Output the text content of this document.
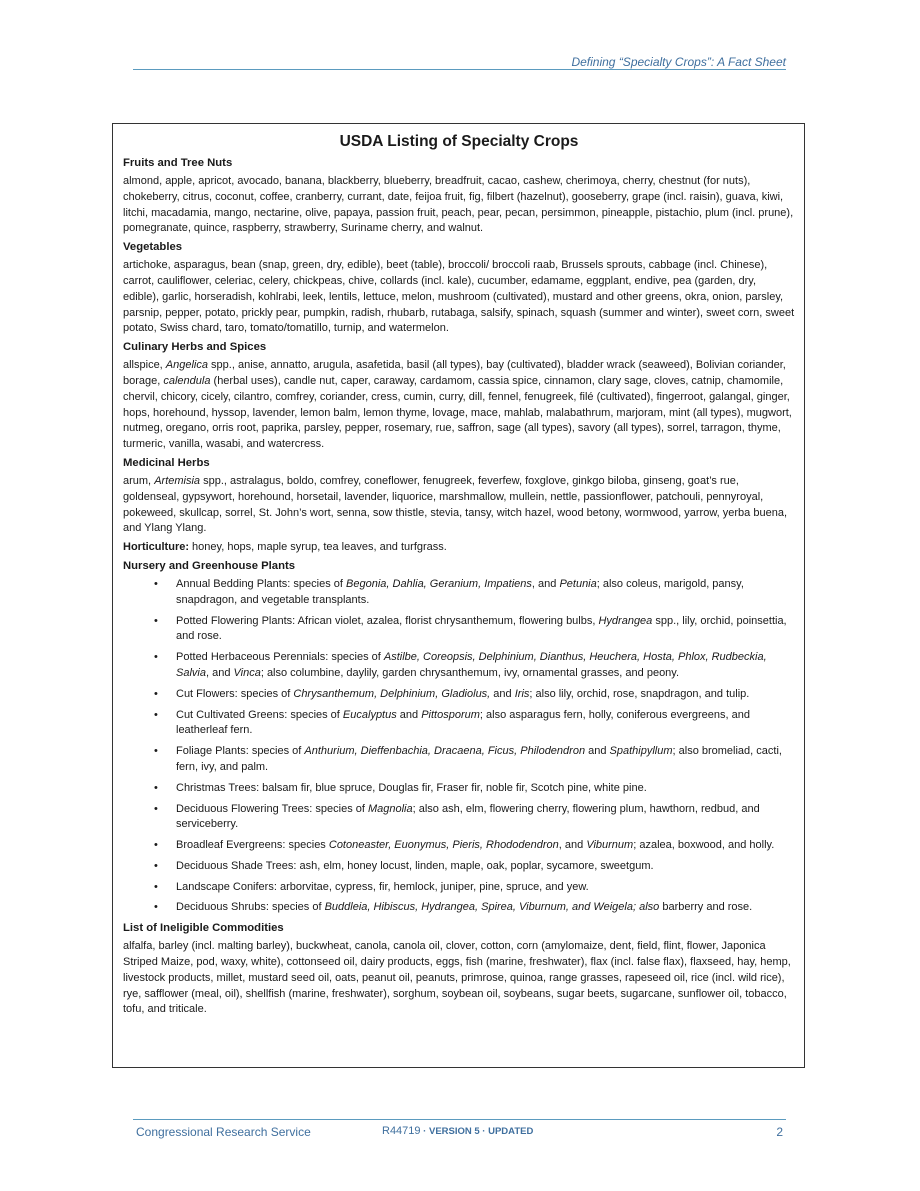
Defining “Specialty Crops”: A Fact Sheet
USDA Listing of Specialty Crops
Fruits and Tree Nuts
almond, apple, apricot, avocado, banana, blackberry, blueberry, breadfruit, cacao, cashew, cherimoya, cherry, chestnut (for nuts), chokeberry, citrus, coconut, coffee, cranberry, currant, date, feijoa fruit, fig, filbert (hazelnut), gooseberry, grape (incl. raisin), guava, kiwi, litchi, macadamia, mango, nectarine, olive, papaya, passion fruit, peach, pear, pecan, persimmon, pineapple, pistachio, plum (incl. prune), pomegranate, quince, raspberry, strawberry, Suriname cherry, and walnut.
Vegetables
artichoke, asparagus, bean (snap, green, dry, edible), beet (table), broccoli/ broccoli raab, Brussels sprouts, cabbage (incl. Chinese), carrot, cauliflower, celeriac, celery, chickpeas, chive, collards (incl. kale), cucumber, edamame, eggplant, endive, pea (garden, dry, edible), garlic, horseradish, kohlrabi, leek, lentils, lettuce, melon, mushroom (cultivated), mustard and other greens, okra, onion, parsley, parsnip, pepper, potato, prickly pear, pumpkin, radish, rhubarb, rutabaga, salsify, spinach, squash (summer and winter), sweet corn, sweet potato, Swiss chard, taro, tomato/tomatillo, turnip, and watermelon.
Culinary Herbs and Spices
allspice, Angelica spp., anise, annatto, arugula, asafetida, basil (all types), bay (cultivated), bladder wrack (seaweed), Bolivian coriander, borage, calendula (herbal uses), candle nut, caper, caraway, cardamom, cassia spice, cinnamon, clary sage, cloves, catnip, chamomile, chervil, chicory, cicely, cilantro, comfrey, coriander, cress, cumin, curry, dill, fennel, fenugreek, filé (cultivated), fingerroot, galangal, ginger, hops, horehound, hyssop, lavender, lemon balm, lemon thyme, lovage, mace, mahlab, malabathrum, marjoram, mint (all types), mugwort, nutmeg, oregano, orris root, paprika, parsley, pepper, rosemary, rue, saffron, sage (all types), savory (all types), sorrel, tarragon, thyme, turmeric, vanilla, wasabi, and watercress.
Medicinal Herbs
arum, Artemisia spp., astralagus, boldo, comfrey, coneflower, fenugreek, feverfew, foxglove, ginkgo biloba, ginseng, goat’s rue, goldenseal, gypsywort, horehound, horsetail, lavender, liquorice, marshmallow, mullein, nettle, passionflower, patchouli, pennyroyal, pokeweed, skullcap, sorrel, St. John’s wort, senna, sow thistle, stevia, tansy, witch hazel, wood betony, wormwood, yarrow, yerba buena, and Ylang Ylang.
Horticulture: honey, hops, maple syrup, tea leaves, and turfgrass.
Nursery and Greenhouse Plants
• Annual Bedding Plants: species of Begonia, Dahlia, Geranium, Impatiens, and Petunia; also coleus, marigold, pansy, snapdragon, and vegetable transplants.
• Potted Flowering Plants: African violet, azalea, florist chrysanthemum, flowering bulbs, Hydrangea spp., lily, orchid, poinsettia, and rose.
• Potted Herbaceous Perennials: species of Astilbe, Coreopsis, Delphinium, Dianthus, Heuchera, Hosta, Phlox, Rudbeckia, Salvia, and Vinca; also columbine, daylily, garden chrysanthemum, ivy, ornamental grasses, and peony.
• Cut Flowers: species of Chrysanthemum, Delphinium, Gladiolus, and Iris; also lily, orchid, rose, snapdragon, and tulip.
• Cut Cultivated Greens: species of Eucalyptus and Pittosporum; also asparagus fern, holly, coniferous evergreens, and leatherleaf fern.
• Foliage Plants: species of Anthurium, Dieffenbachia, Dracaena, Ficus, Philodendron and Spathipyllum; also bromeliad, cacti, fern, ivy, and palm.
• Christmas Trees: balsam fir, blue spruce, Douglas fir, Fraser fir, noble fir, Scotch pine, white pine.
• Deciduous Flowering Trees: species of Magnolia; also ash, elm, flowering cherry, flowering plum, hawthorn, redbud, and serviceberry.
• Broadleaf Evergreens: species Cotoneaster, Euonymus, Pieris, Rhododendron, and Viburnum; azalea, boxwood, and holly.
• Deciduous Shade Trees: ash, elm, honey locust, linden, maple, oak, poplar, sycamore, sweetgum.
• Landscape Conifers: arborvitae, cypress, fir, hemlock, juniper, pine, spruce, and yew.
• Deciduous Shrubs: species of Buddleia, Hibiscus, Hydrangea, Spirea, Viburnum, and Weigela; also barberry and rose.
List of Ineligible Commodities
alfalfa, barley (incl. malting barley), buckwheat, canola, canola oil, clover, cotton, corn (amylomaize, dent, field, flint, flower, Japonica Striped Maize, pod, waxy, white), cottonseed oil, dairy products, eggs, fish (marine, freshwater), flax (incl. false flax), flaxseed, hay, hemp, livestock products, millet, mustard seed oil, oats, peanut oil, peanuts, primrose, quinoa, range grasses, rapeseed oil, rice (incl. wild rice), rye, safflower (meal, oil), shellfish (marine, freshwater), sorghum, soybean oil, soybeans, sugar beets, sugarcane, sunflower oil, tobacco, tofu, and triticale.
Congressional Research Service	R44719 · VERSION 5 · UPDATED	2
